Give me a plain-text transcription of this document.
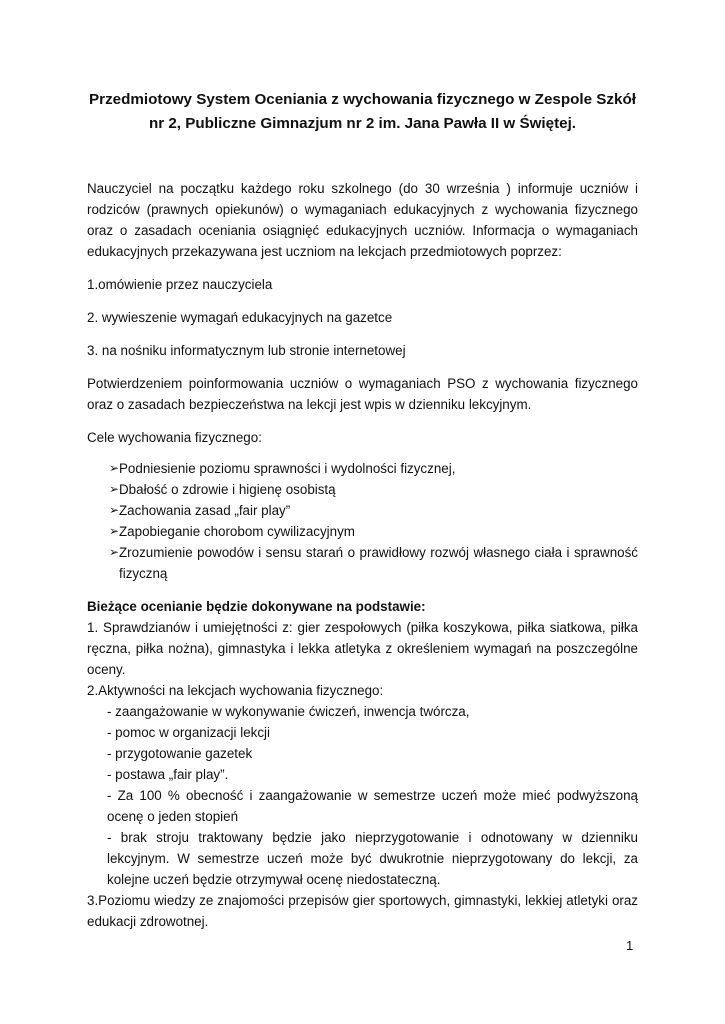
Przedmiotowy System Oceniania z wychowania fizycznego w Zespole Szkół
nr 2, Publiczne Gimnazjum nr 2 im. Jana Pawła II w Świętej.

Nauczyciel na początku każdego roku szkolnego (do 30 września ) informuje uczniów i rodziców (prawnych opiekunów) o wymaganiach edukacyjnych z wychowania fizycznego oraz o zasadach oceniania osiągnięć edukacyjnych uczniów. Informacja o wymaganiach edukacyjnych przekazywana jest uczniom na lekcjach przedmiotowych poprzez:

1.omówienie przez nauczyciela

2. wywieszenie wymagań edukacyjnych na gazetce

3. na nośniku informatycznym lub stronie internetowej

Potwierdzeniem poinformowania uczniów o wymaganiach PSO z wychowania fizycznego oraz o zasadach bezpieczeństwa na lekcji jest wpis w dzienniku lekcyjnym.

Cele wychowania fizycznego:

➢ Podniesienie poziomu sprawności i wydolności fizycznej,
➢ Dbałość o zdrowie i higienę osobistą
➢ Zachowania zasad „fair play”
➢ Zapobieganie chorobom cywilizacyjnym
➢ Zrozumienie powodów i sensu starań o prawidłowy rozwój własnego ciała i sprawność fizyczną

Bieżące ocenianie będzie dokonywane na podstawie:

1. Sprawdzianów i umiejętności z: gier zespołowych (piłka koszykowa, piłka siatkowa, piłka ręczna, piłka nożna), gimnastyka i lekka atletyka z określeniem wymagań na poszczególne oceny.

2.Aktywności na lekcjach wychowania fizycznego:

- zaangażowanie w wykonywanie ćwiczeń, inwencja twórcza,

- pomoc w organizacji lekcji

- przygotowanie gazetek

- postawa „fair play”.

- Za 100 % obecność i zaangażowanie w semestrze uczeń może mieć podwyższoną ocenę o jeden stopień

- brak stroju traktowany będzie jako nieprzygotowanie i odnotowany w dzienniku lekcyjnym. W semestrze uczeń może być dwukrotnie nieprzygotowany do lekcji, za kolejne uczeń będzie otrzymywał ocenę niedostateczną.

3.Poziomu wiedzy ze znajomości przepisów gier sportowych, gimnastyki, lekkiej atletyki oraz edukacji zdrowotnej.

1
